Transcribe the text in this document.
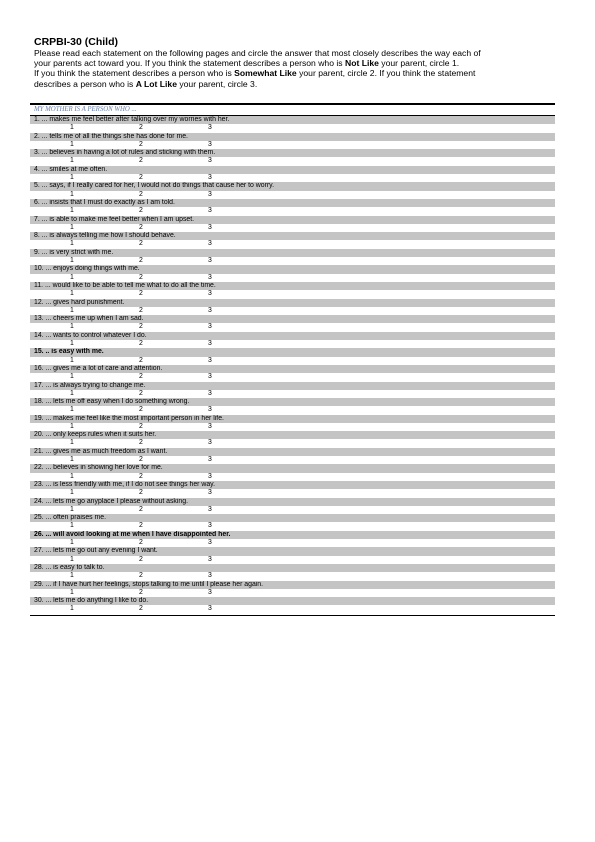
CRPBI-30 (Child)

Please read each statement on the following pages and circle the answer that most closely describes the way each of

your parents act toward you. If you think the statement describes a person who is Not Like your parent, circle 1.

If you think the statement describes a person who is Somewhat Like your parent, circle 2. If you think the statement

describes a person who is A Lot Like your parent, circle 3.

MY MOTHER IS A PERSON WHO ...
1. ... makes me feel better after talking over my worries with her.
1	2	3
2. ... tells me of all the things she has done for me.
1	2	3
3. ... believes in having a lot of rules and sticking with them.
1	2	3
4. ... smiles at me often.
1	2	3
5. ... says, if I really cared for her, I would not do things that cause her to worry.
1	2	3
6. ... insists that I must do exactly as I am told.
1	2	3
7. ... is able to make me feel better when I am upset.
1	2	3
8. ... is always telling me how I should behave.
1	2	3
9. ... is very strict with me.
1	2	3
10. ... enjoys doing things with me.
1	2	3
11. ... would like to be able to tell me what to do all the time.
1	2	3
12. ... gives hard punishment.
1	2	3
13. ... cheers me up when I am sad.
1	2	3
14. ... wants to control whatever I do.
1	2	3
15. .. is easy with me.
1	2	3
16. ... gives me a lot of care and attention.
1	2	3
17. ... is always trying to change me.
1	2	3
18. ... lets me off easy when I do something wrong.
1	2	3
19. ... makes me feel like the most important person in her life.
1	2	3
20. ... only keeps rules when it suits her.
1	2	3
21. ... gives me as much freedom as I want.
1	2	3
22. ... believes in showing her love for me.
1	2	3
23. ... is less friendly with me, if I do not see things her way.
1	2	3
24. ... lets me go anyplace I please without asking.
1	2	3
25. ... often praises me.
1	2	3
26. ... will avoid looking at me when I have disappointed her.
1	2	3
27. ... lets me go out any evening I want.
1	2	3
28. ... is easy to talk to.
1	2	3
29. ... if I have hurt her feelings, stops talking to me until I please her again.
1	2	3
30. ... lets me do anything I like to do.
1	2	3
